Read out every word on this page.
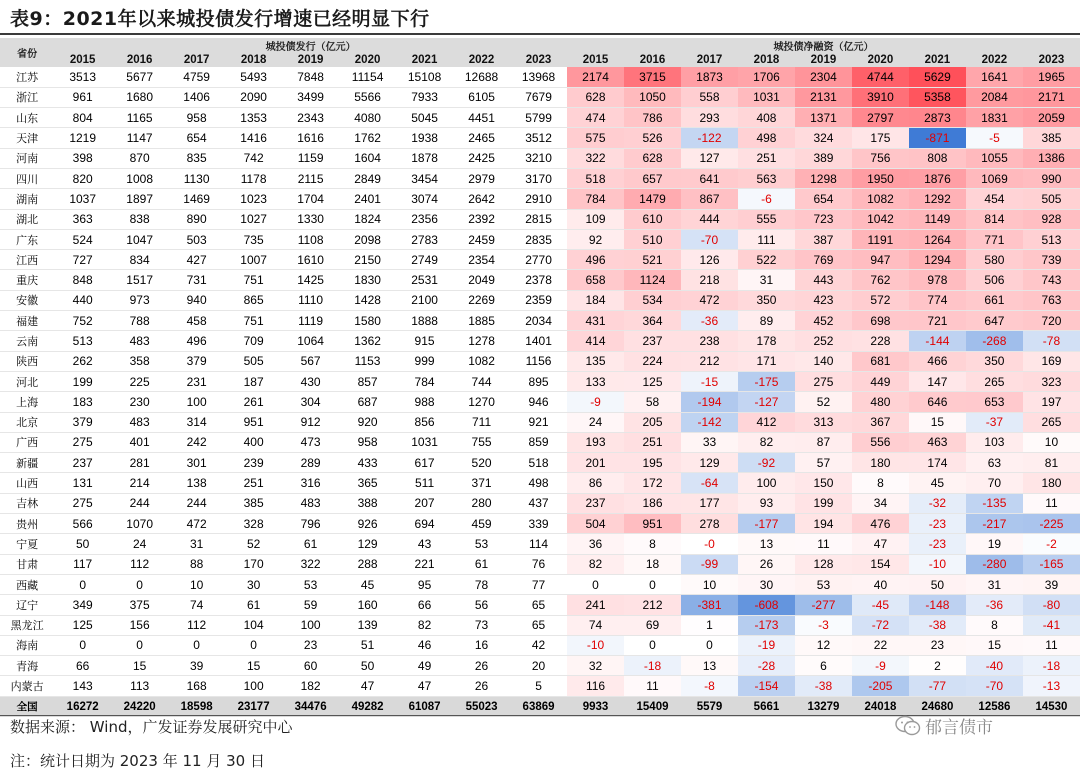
表9：2021年以来城投债发行增速已经明显下行
省份	城投债发行（亿元）									城投债净融资（亿元）								
	2015	2016	2017	2018	2019	2020	2021	2022	2023	2015	2016	2017	2018	2019	2020	2021	2022	2023
江苏	3513	5677	4759	5493	7848	11154	15108	12688	13968	2174	3715	1873	1706	2304	4744	5629	1641	1965
浙江	961	1680	1406	2090	3499	5566	7933	6105	7679	628	1050	558	1031	2131	3910	5358	2084	2171
山东	804	1165	958	1353	2343	4080	5045	4451	5799	474	786	293	408	1371	2797	2873	1831	2059
天津	1219	1147	654	1416	1616	1762	1938	2465	3512	575	526	-122	498	324	175	-871	-5	385
河南	398	870	835	742	1159	1604	1878	2425	3210	322	628	127	251	389	756	808	1055	1386
四川	820	1008	1130	1178	2115	2849	3454	2979	3170	518	657	641	563	1298	1950	1876	1069	990
湖南	1037	1897	1469	1023	1704	2401	3074	2642	2910	784	1479	867	-6	654	1082	1292	454	505
湖北	363	838	890	1027	1330	1824	2356	2392	2815	109	610	444	555	723	1042	1149	814	928
广东	524	1047	503	735	1108	2098	2783	2459	2835	92	510	-70	111	387	1191	1264	771	513
江西	727	834	427	1007	1610	2150	2749	2354	2770	496	521	126	522	769	947	1294	580	739
重庆	848	1517	731	751	1425	1830	2531	2049	2378	658	1124	218	31	443	762	978	506	743
安徽	440	973	940	865	1110	1428	2100	2269	2359	184	534	472	350	423	572	774	661	763
福建	752	788	458	751	1119	1580	1888	1885	2034	431	364	-36	89	452	698	721	647	720
云南	513	483	496	709	1064	1362	915	1278	1401	414	237	238	178	252	228	-144	-268	-78
陕西	262	358	379	505	567	1153	999	1082	1156	135	224	212	171	140	681	466	350	169
河北	199	225	231	187	430	857	784	744	895	133	125	-15	-175	275	449	147	265	323
上海	183	230	100	261	304	687	988	1270	946	-9	58	-194	-127	52	480	646	653	197
北京	379	483	314	951	912	920	856	711	921	24	205	-142	412	313	367	15	-37	265
广西	275	401	242	400	473	958	1031	755	859	193	251	33	82	87	556	463	103	10
新疆	237	281	301	239	289	433	617	520	518	201	195	129	-92	57	180	174	63	81
山西	131	214	138	251	316	365	511	371	498	86	172	-64	100	150	8	45	70	180
吉林	275	244	244	385	483	388	207	280	437	237	186	177	93	199	34	-32	-135	11
贵州	566	1070	472	328	796	926	694	459	339	504	951	278	-177	194	476	-23	-217	-225
宁夏	50	24	31	52	61	129	43	53	114	36	8	-0	13	11	47	-23	19	-2
甘肃	117	112	88	170	322	288	221	61	76	82	18	-99	26	128	154	-10	-280	-165
西藏	0	0	10	30	53	45	95	78	77	0	0	10	30	53	40	50	31	39
辽宁	349	375	74	61	59	160	66	56	65	241	212	-381	-608	-277	-45	-148	-36	-80
黑龙江	125	156	112	104	100	139	82	73	65	74	69	1	-173	-3	-72	-38	8	-41
海南	0	0	0	0	23	51	46	16	42	-10	0	0	-19	12	22	23	15	11
青海	66	15	39	15	60	50	49	26	20	32	-18	13	-28	6	-9	2	-40	-18
内蒙古	143	113	168	100	182	47	47	26	5	116	11	-8	-154	-38	-205	-77	-70	-13
全国	16272	24220	18598	23177	34476	49282	61087	55023	63869	9933	15409	5579	5661	13279	24018	24680	12586	14530
数据来源： Wind，广发证券发展研究中心
注：统计日期为 2023 年 11 月 30 日
郁言债市
